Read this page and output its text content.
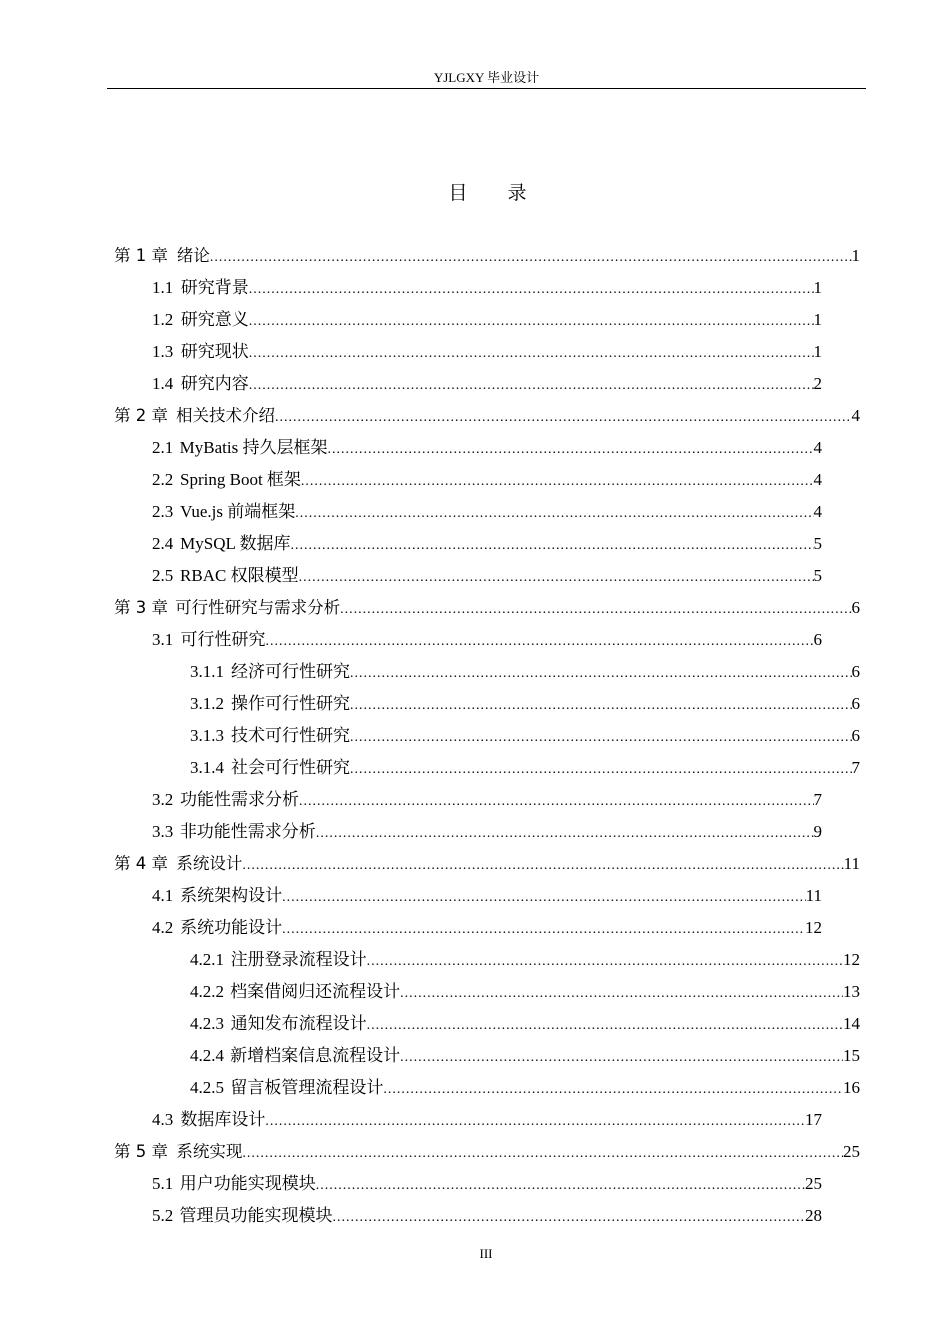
YJLGXY 毕业设计
目 录
第 1 章 绪论 .....	1
1.1 研究背景 .....	1
1.2 研究意义 .....	1
1.3 研究现状 .....	1
1.4 研究内容 .....	2
第 2 章 相关技术介绍 .....	4
2.1 MyBatis 持久层框架 .....	4
2.2 Spring Boot 框架 .....	4
2.3 Vue.js 前端框架 .....	4
2.4 MySQL 数据库 .....	5
2.5 RBAC 权限模型 .....	5
第 3 章 可行性研究与需求分析 .....	6
3.1 可行性研究 .....	6
3.1.1 经济可行性研究 .....	6
3.1.2 操作可行性研究 .....	6
3.1.3 技术可行性研究 .....	6
3.1.4 社会可行性研究 .....	7
3.2 功能性需求分析 .....	7
3.3 非功能性需求分析 .....	9
第 4 章 系统设计 .....	11
4.1 系统架构设计 .....	11
4.2 系统功能设计 .....	12
4.2.1 注册登录流程设计 .....	12
4.2.2 档案借阅归还流程设计 .....	13
4.2.3 通知发布流程设计 .....	14
4.2.4 新增档案信息流程设计 .....	15
4.2.5 留言板管理流程设计 .....	16
4.3 数据库设计 .....	17
第 5 章 系统实现 .....	25
5.1 用户功能实现模块 .....	25
5.2 管理员功能实现模块 .....	28
III
